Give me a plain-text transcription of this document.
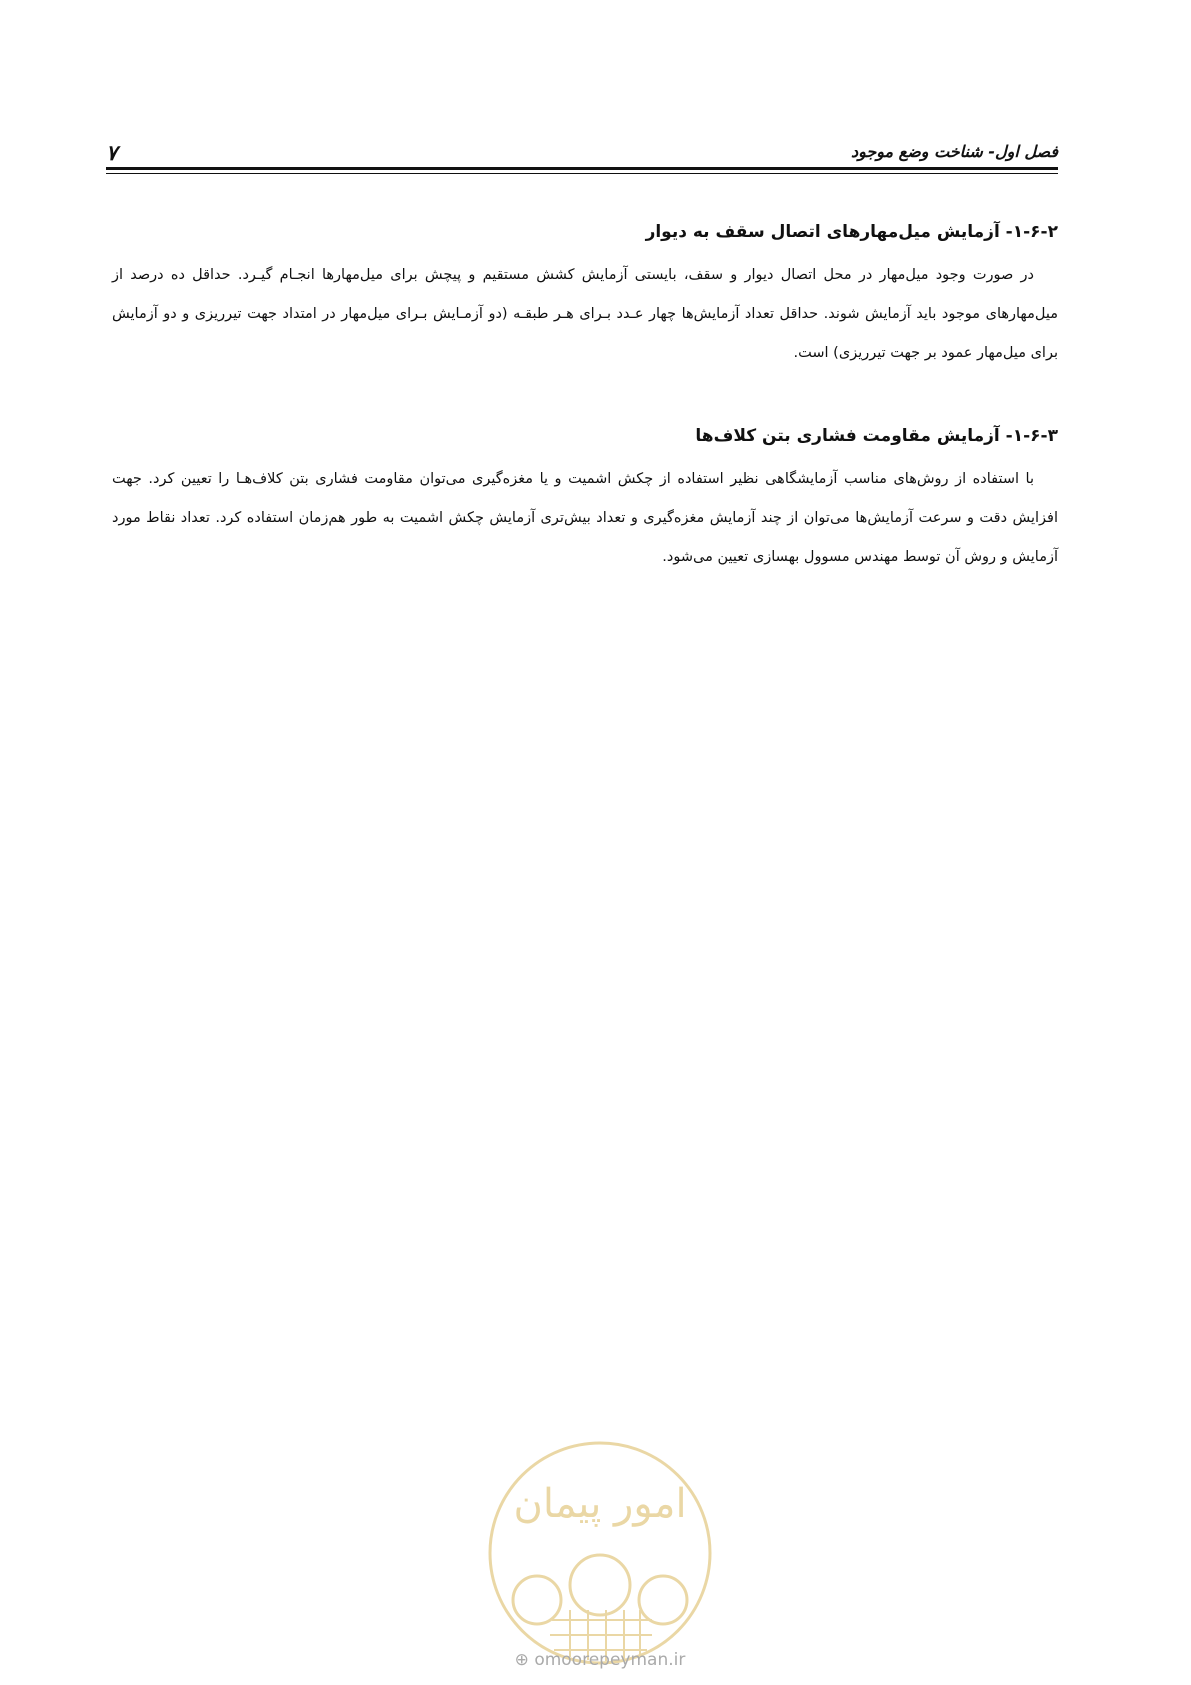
۷	فصل اول- شناخت وضع موجود
۱-۶-۲- آزمایش میل‌مهارهای اتصال سقف به دیوار

در صورت وجود میل‌مهار در محل اتصال دیوار و سقف، بایستی آزمایش کشش مستقیم و پیچش برای میل‌مهارها انجـام گیـرد. حداقل ده درصد از میل‌مهارهای موجود باید آزمایش شوند. حداقل تعداد آزمایش‌ها چهار عـدد بـرای هـر طبقـه (دو آزمـایش بـرای میل‌مهار در امتداد جهت تیرریزی و دو آزمایش برای میل‌مهار عمود بر جهت تیرریزی) است.

۱-۶-۳- آزمایش مقاومت فشاری بتن کلاف‌ها

با استفاده از روش‌های مناسب آزمایشگاهی نظیر استفاده از چکش اشمیت و یا مغزه‌گیری می‌توان مقاومت فشاری بتن کلاف‌هـا را تعیین کرد. جهت افزایش دقت و سرعت آزمایش‌ها می‌توان از چند آزمایش مغزه‌گیری و تعداد بیش‌تری آزمایش چکش اشمیت به طور هم‌زمان استفاده کرد. تعداد نقاط مورد آزمایش و روش آن توسط مهندس مسوول بهسازی تعیین می‌شود.

امور پیمان
⊕ omoorepeyman.ir
